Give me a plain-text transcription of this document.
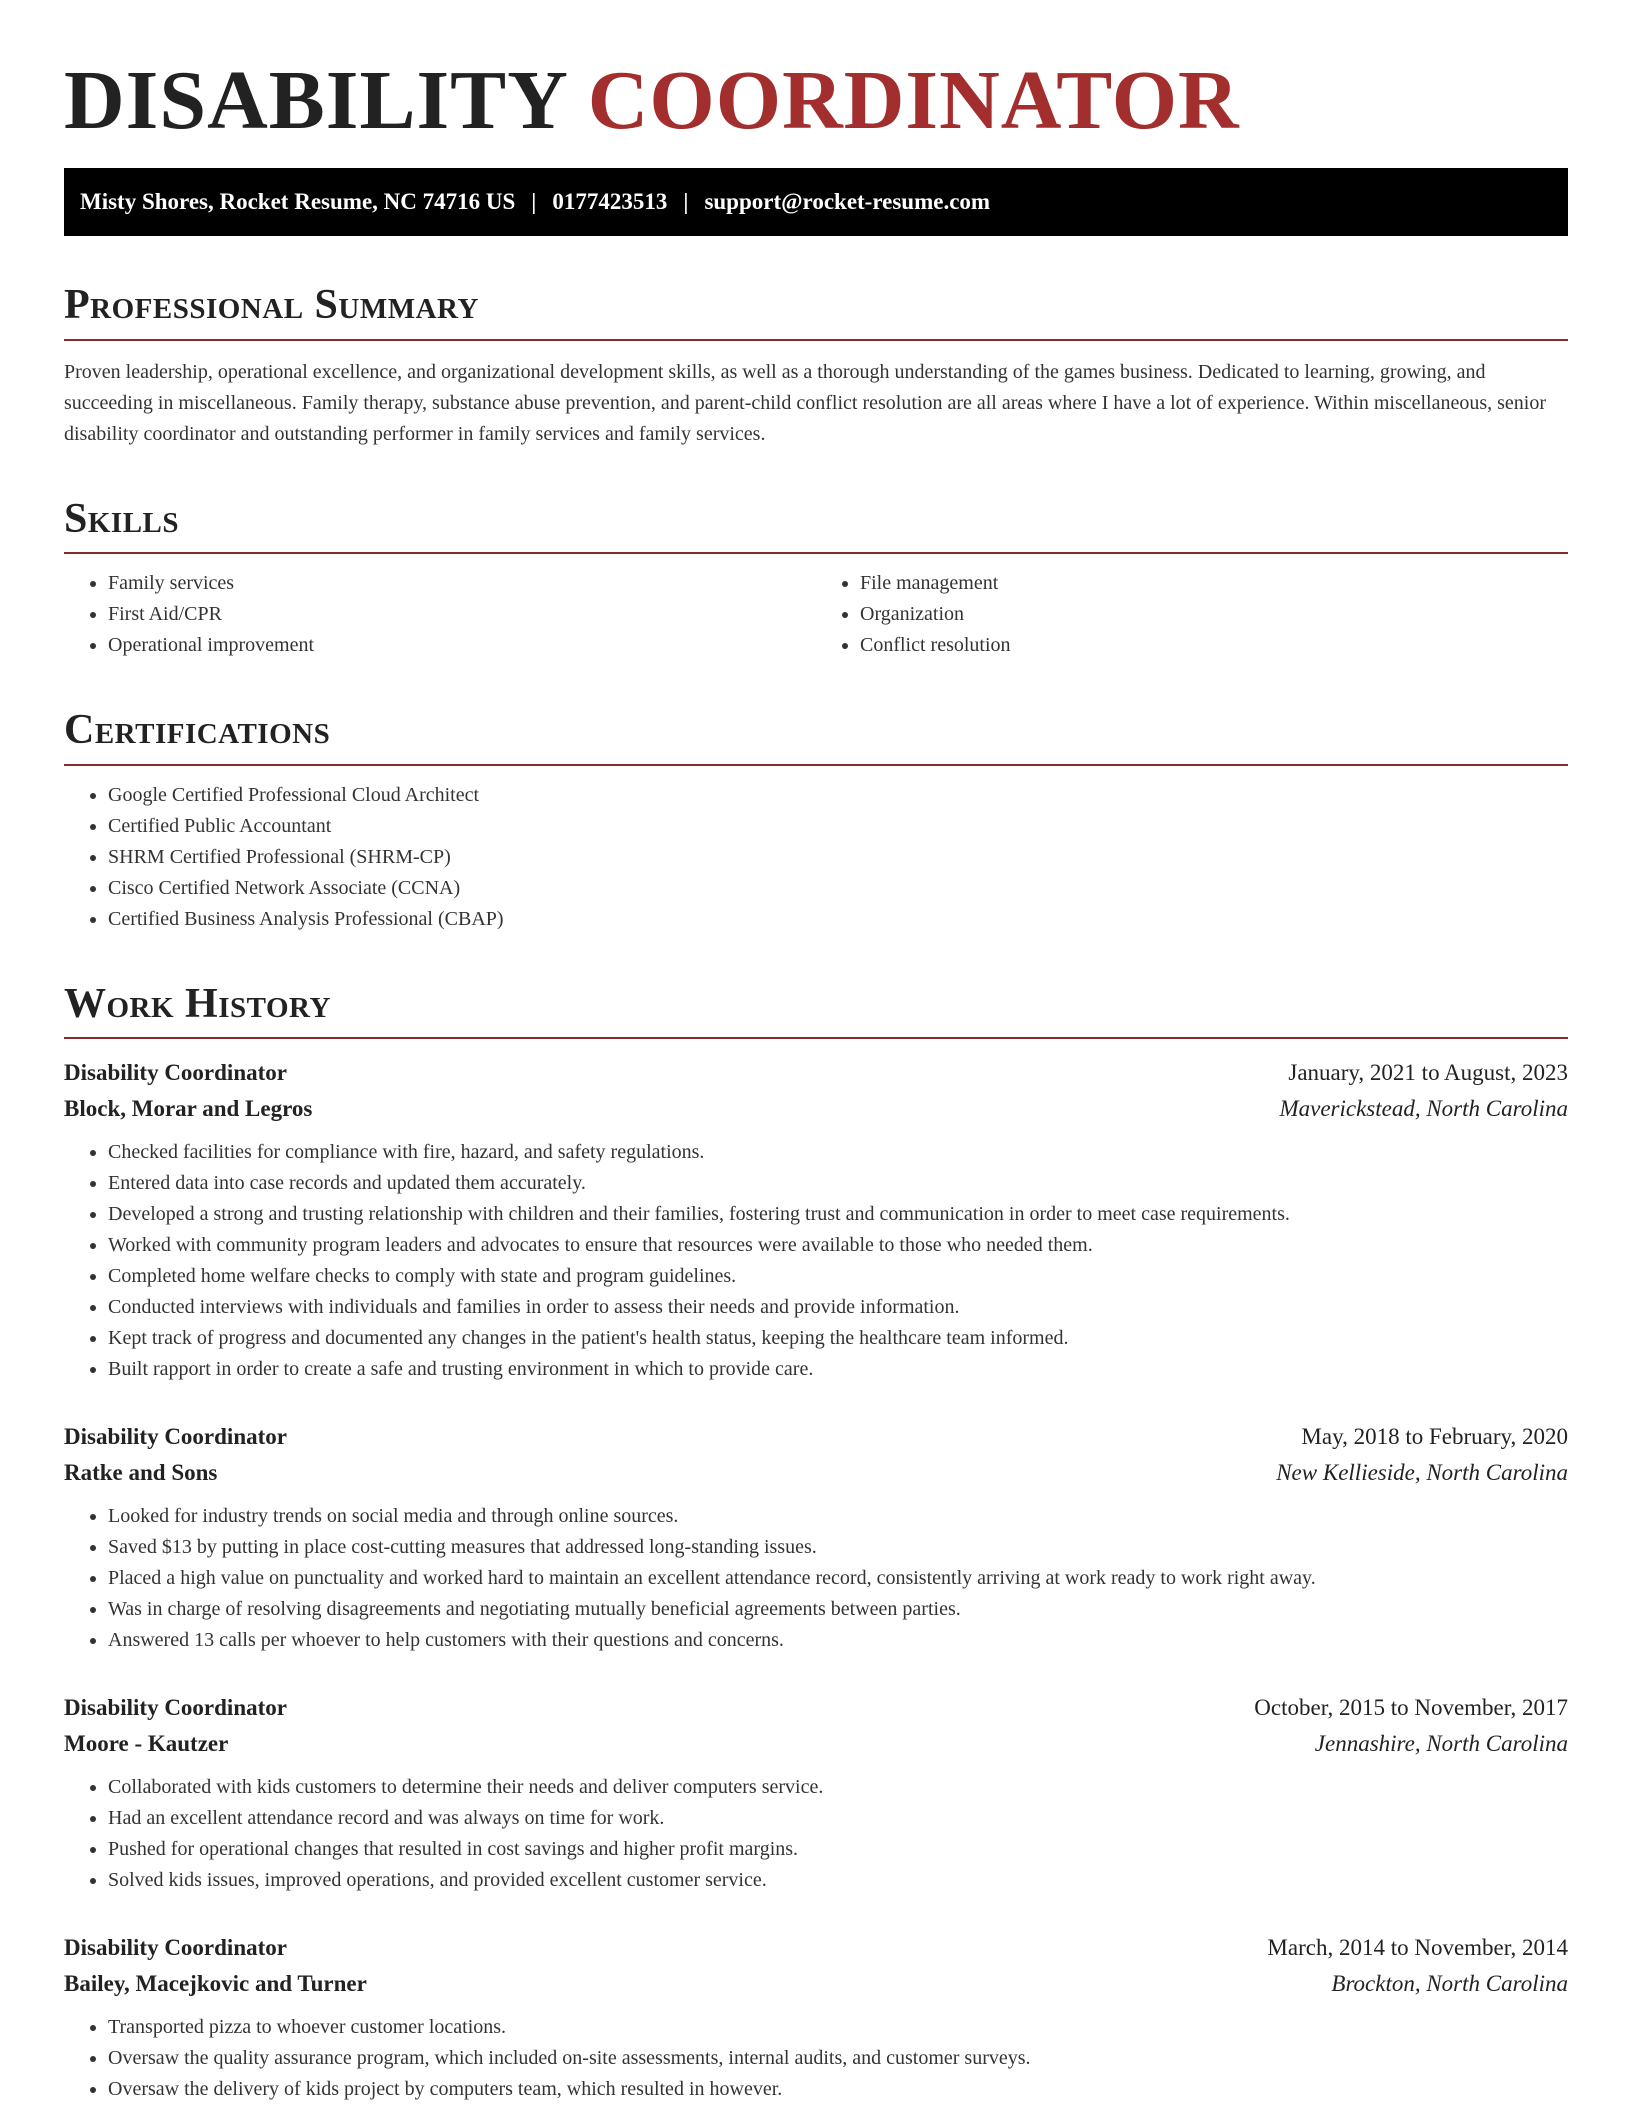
DISABILITY COORDINATOR
Misty Shores, Rocket Resume, NC 74716 US | 0177423513 | support@rocket-resume.com
Professional Summary

Proven leadership, operational excellence, and organizational development skills, as well as a thorough understanding of the games business. Dedicated to learning, growing, and succeeding in miscellaneous. Family therapy, substance abuse prevention, and parent-child conflict resolution are all areas where I have a lot of experience. Within miscellaneous, senior disability coordinator and outstanding performer in family services and family services.

Skills
• Family services
• First Aid/CPR
• Operational improvement
• File management
• Organization
• Conflict resolution
Certifications
• Google Certified Professional Cloud Architect
• Certified Public Accountant
• SHRM Certified Professional (SHRM-CP)
• Cisco Certified Network Associate (CCNA)
• Certified Business Analysis Professional (CBAP)
Work History
Disability Coordinator	January, 2021 to August, 2023
Block, Morar and Legros	Maverickstead, North Carolina
• Checked facilities for compliance with fire, hazard, and safety regulations.
• Entered data into case records and updated them accurately.
• Developed a strong and trusting relationship with children and their families, fostering trust and communication in order to meet case requirements.
• Worked with community program leaders and advocates to ensure that resources were available to those who needed them.
• Completed home welfare checks to comply with state and program guidelines.
• Conducted interviews with individuals and families in order to assess their needs and provide information.
• Kept track of progress and documented any changes in the patient's health status, keeping the healthcare team informed.
• Built rapport in order to create a safe and trusting environment in which to provide care.
Disability Coordinator	May, 2018 to February, 2020
Ratke and Sons	New Kellieside, North Carolina
• Looked for industry trends on social media and through online sources.
• Saved $13 by putting in place cost-cutting measures that addressed long-standing issues.
• Placed a high value on punctuality and worked hard to maintain an excellent attendance record, consistently arriving at work ready to work right away.
• Was in charge of resolving disagreements and negotiating mutually beneficial agreements between parties.
• Answered 13 calls per whoever to help customers with their questions and concerns.
Disability Coordinator	October, 2015 to November, 2017
Moore - Kautzer	Jennashire, North Carolina
• Collaborated with kids customers to determine their needs and deliver computers service.
• Had an excellent attendance record and was always on time for work.
• Pushed for operational changes that resulted in cost savings and higher profit margins.
• Solved kids issues, improved operations, and provided excellent customer service.
Disability Coordinator	March, 2014 to November, 2014
Bailey, Macejkovic and Turner	Brockton, North Carolina
• Transported pizza to whoever customer locations.
• Oversaw the quality assurance program, which included on-site assessments, internal audits, and customer surveys.
• Oversaw the delivery of kids project by computers team, which resulted in however.
